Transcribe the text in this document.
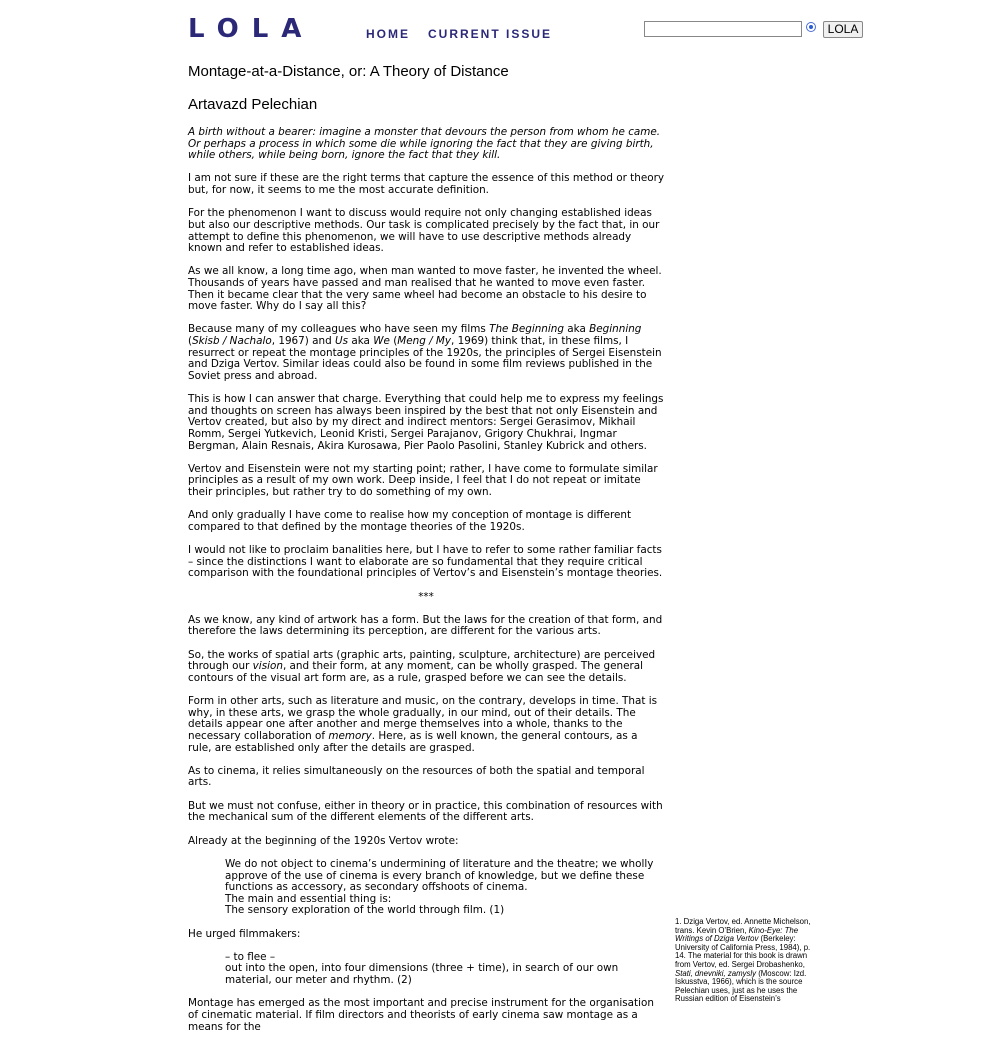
LOLA	HOME CURRENT ISSUE	LOLA
Montage-at-a-Distance, or: A Theory of Distance
Artavazd Pelechian

A birth without a bearer: imagine a monster that devours the person from whom he came. Or perhaps a process in which some die while ignoring the fact that they are giving birth, while others, while being born, ignore the fact that they kill.

I am not sure if these are the right terms that capture the essence of this method or theory but, for now, it seems to me the most accurate definition.

For the phenomenon I want to discuss would require not only changing established ideas but also our descriptive methods. Our task is complicated precisely by the fact that, in our attempt to define this phenomenon, we will have to use descriptive methods already known and refer to established ideas.

As we all know, a long time ago, when man wanted to move faster, he invented the wheel. Thousands of years have passed and man realised that he wanted to move even faster. Then it became clear that the very same wheel had become an obstacle to his desire to move faster. Why do I say all this?

Because many of my colleagues who have seen my films The Beginning aka Beginning (Skisb / Nachalo, 1967) and Us aka We (Meng / My, 1969) think that, in these films, I resurrect or repeat the montage principles of the 1920s, the principles of Sergei Eisenstein and Dziga Vertov. Similar ideas could also be found in some film reviews published in the Soviet press and abroad.

This is how I can answer that charge. Everything that could help me to express my feelings and thoughts on screen has always been inspired by the best that not only Eisenstein and Vertov created, but also by my direct and indirect mentors: Sergei Gerasimov, Mikhail Romm, Sergei Yutkevich, Leonid Kristi, Sergei Parajanov, Grigory Chukhrai, Ingmar Bergman, Alain Resnais, Akira Kurosawa, Pier Paolo Pasolini, Stanley Kubrick and others.

Vertov and Eisenstein were not my starting point; rather, I have come to formulate similar principles as a result of my own work. Deep inside, I feel that I do not repeat or imitate their principles, but rather try to do something of my own.

And only gradually I have come to realise how my conception of montage is different compared to that defined by the montage theories of the 1920s.

I would not like to proclaim banalities here, but I have to refer to some rather familiar facts – since the distinctions I want to elaborate are so fundamental that they require critical comparison with the foundational principles of Vertov’s and Eisenstein’s montage theories.

***

As we know, any kind of artwork has a form. But the laws for the creation of that form, and therefore the laws determining its perception, are different for the various arts.

So, the works of spatial arts (graphic arts, painting, sculpture, architecture) are perceived through our vision, and their form, at any moment, can be wholly grasped. The general contours of the visual art form are, as a rule, grasped before we can see the details.

Form in other arts, such as literature and music, on the contrary, develops in time. That is why, in these arts, we grasp the whole gradually, in our mind, out of their details. The details appear one after another and merge themselves into a whole, thanks to the necessary collaboration of memory. Here, as is well known, the general contours, as a rule, are established only after the details are grasped.

As to cinema, it relies simultaneously on the resources of both the spatial and temporal arts.

But we must not confuse, either in theory or in practice, this combination of resources with the mechanical sum of the different elements of the different arts.

Already at the beginning of the 1920s Vertov wrote:

We do not object to cinema’s undermining of literature and the theatre; we wholly approve of the use of cinema is every branch of knowledge, but we define these functions as accessory, as secondary offshoots of cinema.
The main and essential thing is:
The sensory exploration of the world through film. (1)

He urged filmmakers:

– to flee –
out into the open, into four dimensions (three + time), in search of our own material, our meter and rhythm. (2)

Montage has emerged as the most important and precise instrument for the organisation of cinematic material. If film directors and theorists of early cinema saw montage as a means for the

1. Dziga Vertov, ed. Annette Michelson, trans. Kevin O’Brien, Kino-Eye: The Writings of Dziga Vertov (Berkeley: University of California Press, 1984), p. 14. The material for this book is drawn from Vertov, ed. Sergei Drobashenko, Stati, dnevniki, zamysly (Moscow: Izd. Iskusstva, 1966), which is the source Pelechian uses, just as he uses the Russian edition of Eisenstein’s
